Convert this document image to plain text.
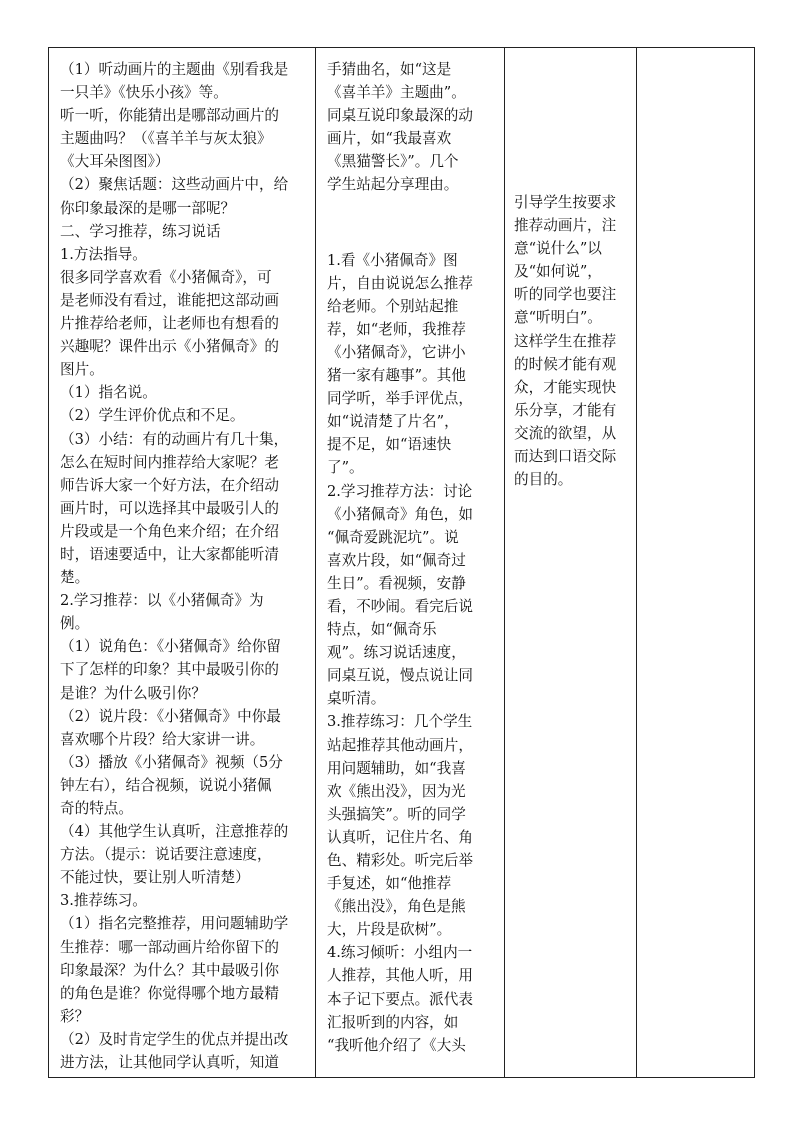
（1）听动画片的主题曲《别看我是
一只羊》《快乐小孩》等。
听一听，你能猜出是哪部动画片的
主题曲吗？（《喜羊羊与灰太狼》
《大耳朵图图》）
（2）聚焦话题：这些动画片中，给
你印象最深的是哪一部呢？
二、学习推荐，练习说话
1.方法指导。
很多同学喜欢看《小猪佩奇》，可
是老师没有看过，谁能把这部动画
片推荐给老师，让老师也有想看的
兴趣呢？课件出示《小猪佩奇》的
图片。
（1）指名说。
（2）学生评价优点和不足。
（3）小结：有的动画片有几十集，
怎么在短时间内推荐给大家呢？老
师告诉大家一个好方法，在介绍动
画片时，可以选择其中最吸引人的
片段或是一个角色来介绍；在介绍
时，语速要适中，让大家都能听清
楚。
2.学习推荐：以《小猪佩奇》为
例。
（1）说角色：《小猪佩奇》给你留
下了怎样的印象？其中最吸引你的
是谁？为什么吸引你？
（2）说片段：《小猪佩奇》中你最
喜欢哪个片段？给大家讲一讲。
（3）播放《小猪佩奇》视频（5分
钟左右），结合视频，说说小猪佩
奇的特点。
（4）其他学生认真听，注意推荐的
方法。（提示：说话要注意速度，
不能过快，要让别人听清楚）
3.推荐练习。
（1）指名完整推荐，用问题辅助学
生推荐：哪一部动画片给你留下的
印象最深？为什么？其中最吸引你
的角色是谁？你觉得哪个地方最精
彩？
（2）及时肯定学生的优点并提出改
进方法，让其他同学认真听，知道

手猜曲名，如“这是
《喜羊羊》主题曲”。
同桌互说印象最深的动
画片，如“我最喜欢
《黑猫警长》”。几个
学生站起分享理由。
1.看《小猪佩奇》图
片，自由说说怎么推荐
给老师。个别站起推
荐，如“老师，我推荐
《小猪佩奇》，它讲小
猪一家有趣事”。其他
同学听，举手评优点，
如“说清楚了片名”，
提不足，如“语速快
了”。
2.学习推荐方法：讨论
《小猪佩奇》角色，如
“佩奇爱跳泥坑”。说
喜欢片段，如“佩奇过
生日”。看视频，安静
看，不吵闹。看完后说
特点，如“佩奇乐
观”。练习说话速度，
同桌互说，慢点说让同
桌听清。
3.推荐练习：几个学生
站起推荐其他动画片，
用问题辅助，如“我喜
欢《熊出没》，因为光
头强搞笑”。听的同学
认真听，记住片名、角
色、精彩处。听完后举
手复述，如“他推荐
《熊出没》，角色是熊
大，片段是砍树”。
4.练习倾听：小组内一
人推荐，其他人听，用
本子记下要点。派代表
汇报听到的内容，如
“我听他介绍了《大头

引导学生按要求
推荐动画片，注
意“说什么”以
及“如何说”，
听的同学也要注
意“听明白”。
这样学生在推荐
的时候才能有观
众，才能实现快
乐分享，才能有
交流的欲望，从
而达到口语交际
的目的。
